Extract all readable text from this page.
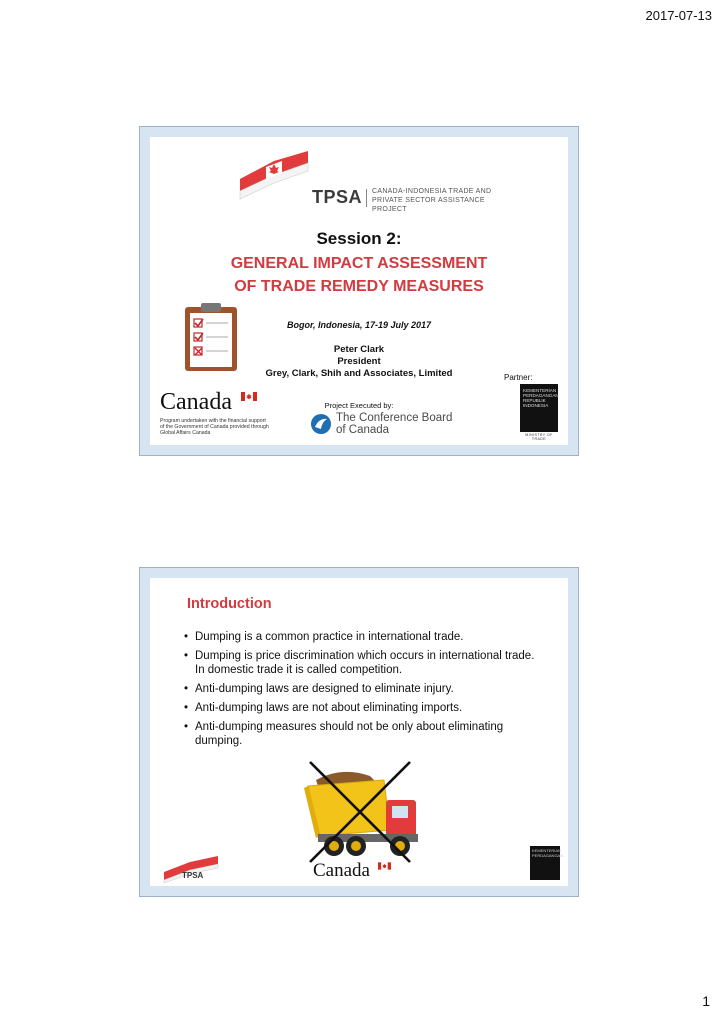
2017-07-13
TPSA CANADA-INDONESIA TRADE AND
PRIVATE SECTOR ASSISTANCE PROJECT
Session 2:
GENERAL IMPACT ASSESSMENT
OF TRADE REMEDY MEASURES
Bogor, Indonesia, 17-19 July 2017
Peter Clark
President
Grey, Clark, Shih and Associates, Limited	Partner:
Canada
Program undertaken with the financial support of the Government of Canada provided through Global Affairs Canada
Project Executed by:
The Conference Board
of Canada
KEMENTERIAN
PERDAGANGAN
REPUBLIK INDONESIA
MINISTRY OF TRADE
Introduction
• Dumping is a common practice in international trade.
• Dumping is price discrimination which occurs in international trade. In domestic trade it is called competition.
• Anti-dumping laws are designed to eliminate injury.
• Anti-dumping laws are not about eliminating imports.
• Anti-dumping measures should not be only about eliminating dumping.
TPSA	Canada
KEMENTERIAN
PERDAGANGAN
1
